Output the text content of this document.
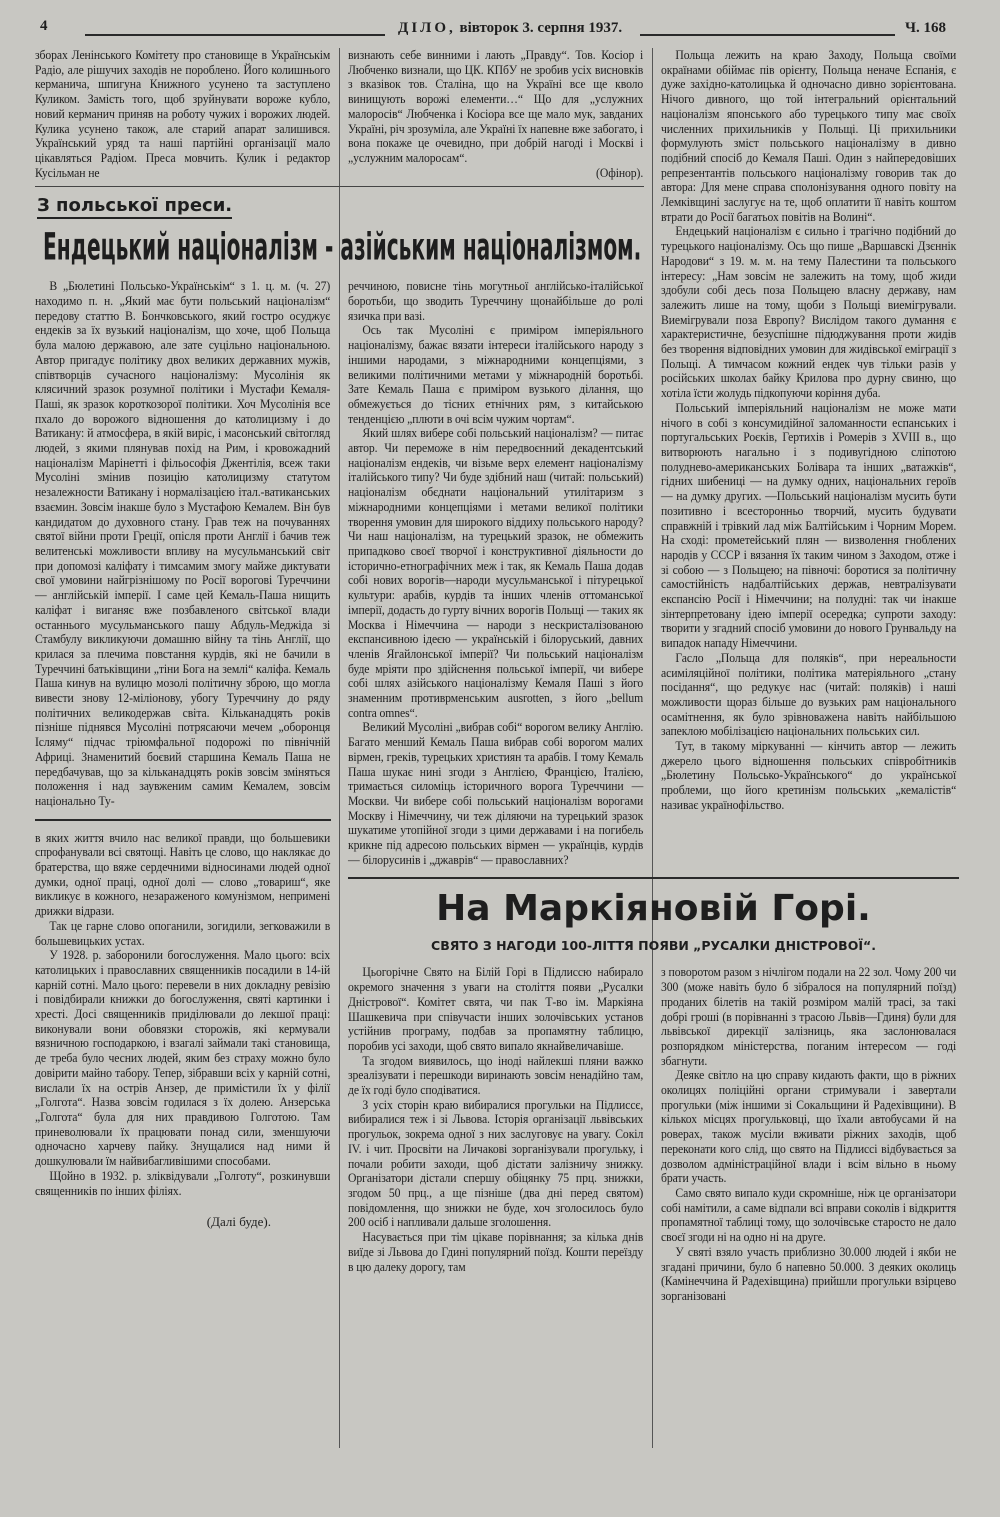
4	ДІЛО, вівторок 3. серпня 1937.	Ч. 168

зборах Ленінського Комітету про становище в Українськім Радіо, але рішучих заходів не пороблено. Його колишнього керманича, шпигуна Книжного усунено та заступлено Куликом. Замість того, щоб зруйнувати вороже кубло, новий керманич приняв на роботу чужих і ворожих людей. Кулика усунено також, але старий апарат залишився. Український уряд та наші партійні організації мало цікавляться Радіом. Преса мовчить. Кулик і редактор Кусільман не

визнають себе винними і лають „Правду“. Тов. Косіор і Любченко визнали, що ЦК. КПбУ не зробив усіх висновків з вказівок тов. Сталіна, що на Україні все ще кволо винищують ворожі елементи…“ Що для „услужних малоросів“ Любченка і Косіора все ще мало мук, завданих Україні, річ зрозуміла, але Україні їх напевне вже забогато, і вона покаже це очевидно, при добрій нагоді і Москві і „услужним малоросам“.

(Офінор).

З польської преси.
Ендецький націоналізм - азійським націоналізмом.

Польща лежить на краю Заходу, Польща своїми окраїнами обіймає пів орієнту, Польща неначе Еспанія, є дуже західно-католицька й одночасно дивно зорієнтована. Нічого дивного, що той інтегральний орієнтальний націоналізм японського або турецького типу має своїх численних прихильників у Польщі. Ці прихильники формулують зміст польського націоналізму в дивно подібний спосіб до Кемаля Паші. Один з найпередовіших репрезентантів польського націоналізму говорив так до автора: Для мене справа сполонізування одного повіту на Лемківщині заслугує на те, щоб оплатити її навіть коштом втрати до Росії багатьох повітів на Волині“.

Ендецький націоналізм є сильно і трагічно подібний до турецького націоналізму. Ось що пише „Варшавскі Дзєннік Народови“ з 19. м. м. на тему Палестини та польського інтересу: „Нам зовсім не залежить на тому, щоб жиди здобули собі десь поза Польщею власну державу, нам залежить лише на тому, щоби з Польщі виемігрували. Виемігрували поза Европу? Вислідом такого думання є характеристичне, безуспішне підюджування проти жидів без творення відповідних умовин для жидівської еміграції з Польщі. А тимчасом кожний ендек чув тільки разів у російських школах байку Крилова про дурну свиню, що хотіла їсти жолудь підкопуючи коріння дуба.

Польський імперіяльний націоналізм не може мати нічого в собі з консумидійної заломанности еспанських і португальських Роєків, Гертихів і Ромерів з XVIII в., що витворюють нагально і з подивугідною сліпотою полудневo-американських Болівара та інших „ватажків“, гідних шибениці — на думку одних, національних героїв — на думку других. —Польський націоналізм мусить бути позитивно і всесторонньо творчий, мусить будувати справжній і трівкий лад між Балтійським і Чорним Морем. На сході: прометейський плян — визволення гноблених народів у СССР і вязання їх таким чином з Заходом, отже і зі собою — з Польщею; на півночі: боротися за політичну самостійність надбалтійських держав, невтралізувати експансію Росії і Німеччини; на полудні: так чи інакше зінтерпретовану ідею імперії осередка; супроти заходу: творити у згадний спосіб умовини до нового Грунвальду на випадок нападу Німеччини.

Гасло „Польща для поляків“, при нереальности асиміляційної політики, політика матеріяльного „стану посідання“, що редукує нас (читай: поляків) і наші можливости щораз більше до вузьких рам національного осамітнення, як було зрівноважена навіть найбільшою запеклою мобілізацією національних польських сил.

Тут, в такому міркуванні — кінчить автор — лежить джерело цього відношення польських співробітників „Бюлетину Польсько-Українського“ до української проблеми, що його кретинізм польських „кемалістів“ називає українофільство.

В „Бюлетині Польсько-Українськім“ з 1. ц. м. (ч. 27) находимо п. н. „Який має бути польський націоналізм“ передову статтю В. Бончковського, який гостро осуджує ендеків за їх вузький націоналізм, що хоче, щоб Польща була малою державою, але зате суцільно національною. Автор пригадує політику двох великих державних мужів, співтворців сучасного націоналізму: Мусолінія як клясичний зразок розумної політики і Мустафи Кемаля-Паші, як зразок короткозорої політики. Хоч Мусолінія все пхало до ворожого відношення до католицизму і до Ватикану: й атмосфера, в якій виріс, і масонський світогляд людей, з якими плянував похід на Рим, і кровожадний націоналізм Марінетті і фільософія Джентілія, всеж таки Мусоліні змінив позицію католицизму статутом незалежности Ватикану і нормалізацією італ.-ватиканських взаємин. Зовсім інакше було з Мустафою Кемалем. Він був кандидатом до духовного стану. Грав теж на почуваннях святої війни проти Греції, опісля проти Англії і бачив теж велитенські можливости впливу на мусульманський світ при допомозі каліфату і тимсамим змогу майже диктувати свої умовини найгрізнішому по Росії ворогові Туреччини — англійській імперії. І саме цей Кемаль-Паша нищить каліфат і виганяє вже позбавленого світської влади останнього мусульманського пашу Абдуль-Меджіда зі Стамбулу викликуючи домашню війну та тінь Англії, що крилася за плечима повстання курдів, які не бачили в Туреччині батьківщини „тіни Бога на землі“ каліфа. Кемаль Паша кинув на вулицю мозолі політичну зброю, що могла вивести знову 12-міліонову, убогу Туреччину до ряду політичних великодержав світа. Кільканадцять років пізніше піднявся Мусоліні потрясаючи мечем „оборонця Ісляму“ підчас тріюмфальної подорожі по північній Африці. Знаменитий боєвий старшина Кемаль Паша не передбачував, що за кільканадцять років зовсім зміняться положення і над заувженим самим Кемалем, зовсім національно Ту-

в яких життя вчило нас великої правди, що большевики спрофанували всі святощі. Навіть це слово, що наклякає до братерства, що вяже сердечними відносинами людей одної думки, одної праці, одної долі — слово „товариш“, яке викликує в кожного, незараженого комунізмом, непримені дрижки відрази.

Так це гарне слово опоганили, зогидили, зегковажили в большевицьких устах.

У 1928. р. заборонили богослуження. Мало цього: всіх католицьких і православних священників посадили в 14-ій карній сотні. Мало цього: перевели в них докладну ревізію і повідбирали книжки до богослуження, святі картинки і хресті. Досі священників приділювали до лекшої праці: виконували вони обовязки сторожів, які кермували вязничною господаркою, і взагалі займали такі становища, де треба було чесних людей, яким без страху можно було довірити майно табору. Тепер, зібравши всіх у карній сотні, вислали їх на острів Анзер, де примістили їх у філії „Голгота“. Назва зовсім годилася з їх долею. Анзерська „Голгота“ була для них правдивою Голготою. Там приневолювали їх працювати понад сили, зменшуючи одночасно харчеву пайку. Знущалися над ними й дошкулювали їм найвибагливішими способами.

Щойно в 1932. р. зліквідували „Голготу“, розкинувши священників по інших філіях.

(Далі буде).

реччиною, повисне тінь могутньої англійсько-італійської боротьби, що зводить Туреччину щонайбільше до ролі язичка при вазі.

Ось так Мусоліні є приміром імперіяльного націоналізму, бажає вязати інтереси італійського народу з іншими народами, з міжнародними концепціями, з великими політичними метами у міжнародній боротьбі. Зате Кемаль Паша є приміром вузького ділання, що обмежується до тісних етнічних рям, з китайською тенденцією „плюти в очі всім чужим чортам“.

Який шлях вибере собі польський націоналізм? — питає автор. Чи переможе в нім передвоєнний декадентський націоналізм ендеків, чи візьме верх елемент націоналізму італійського типу? Чи буде здібний наш (читай: польський) націоналізм обєднати національний утилітаризм з міжнародними концепціями і метами великої політики творення умовин для широкого віддиху польського народу? Чи наш націоналізм, на турецький зразок, не обмежить припадково своєї творчої і конструктивної діяльности до історично-етнографічних меж і так, як Кемаль Паша додав собі нових ворогів—народи мусульманської і пітурецької культури: арабів, курдів та інших членів оттоманської імперії, додасть до гурту вічних ворогів Польщі — таких як Москва і Німеччина — народи з нескристалізованою експансивною ідеєю — українській і білоруський, давних членів Ягайлонської імперії? Чи польський націоналізм буде мріяти про здійснення польської імперії, чи вибере собі шлях азійського націоналізму Кемаля Паші з його знаменним противрменським ausrotten, з його „bellum contra omnes“.

Великий Мусоліні „вибрав собі“ ворогом велику Англію. Багато менший Кемаль Паша вибрав собі ворогом малих вірмен, греків, турецьких християн та арабів. І тому Кемаль Паша шукає нині згоди з Англією, Францією, Італією, тримається силоміць історичного ворога Туреччини — Москви. Чи вибере собі польський націоналізм ворогами Москву і Німеччину, чи теж діляючи на турецький зразок шукатиме утопійної згоди з цими державами і на погибель крикне під адресою польських вірмен — українців, курдів — білорусинів і „джаврів“ — православних?

На Маркіяновій Горі.
СВЯТО З НАГОДИ 100-ЛІТТЯ ПОЯВИ „РУСАЛКИ ДНІСТРОВОЇ“.

Цьогорічне Свято на Білій Горі в Підлиссю набирало окремого значення з уваги на століття появи „Русалки Дністрової“. Комітет свята, чи пак Т-во ім. Маркіяна Шашкевича при співучасти інших золочівських установ устійнив програму, подбав за пропамятну таблицю, поробив усі заходи, щоб свято випало якнайвеличавіше.

Та згодом виявилось, що іноді найлекші пляни важко зреалізувати і перешкоди виринають зовсім ненадійно там, де їх годі було сподіватися.

З усіх сторін краю вибиралися прогульки на Підлиссє, вибиралися теж і зі Львова. Історія організації львівських прогульок, зокрема одної з них заслуговує на увагу. Сокіл IV. і чит. Просвіти на Личакові зорганізували прогульку, і почали робити заходи, щоб дістати залізничу знижку. Організатори дістали спершу обіцянку 75 прц. знижки, згодом 50 прц., а ще пізніше (два дні перед святом) повідомлення, що знижки не буде, хоч зголосилось було 200 осіб і напливали дальше зголошення.

Насувається при тім цікаве порівнання; за кілька днів виїде зі Львова до Гдині популярний поїзд. Кошти переїзду в цю далеку дорогу, там

з поворотом разом з нічлігом подали на 22 зол. Чому 200 чи 300 (може навіть було б зібралося на популярний поїзд) проданих білетів на такій розміром малій трасі, за такі добрі гроші (в порівнанні з трасою Львів—Гдиня) були для львівської дирекції залізниць, яка заслонювалася розпорядком міністерства, поганим інтересом — годі збагнути.

Деяке світло на цю справу кидають факти, що в ріжних околицях поліційні органи стримували і завертали прогульки (між іншими зі Сокальщини й Радехівщини). В кількох місцях прогульковці, що їхали автобусами й на роверах, також мусіли вживати ріжних заходів, щоб переконати кого слід, що свято на Підлиссі відбувається за дозволом адміністраційної влади і всім вільно в ньому брати участь.

Само свято випало куди скромніше, ніж це організатори собі намітили, а саме відпали всі вправи соколів і відкриття пропамятної таблиці тому, що золочівське старосто не дало своєї згоди ні на одно ні на друге.

У святі взяло участь приблизно 30.000 людей і якби не згадані причини, було б напевно 50.000. З деяких околиць (Камінеччина й Радехівщина) прийшли прогульки взірцево зорганізовані
